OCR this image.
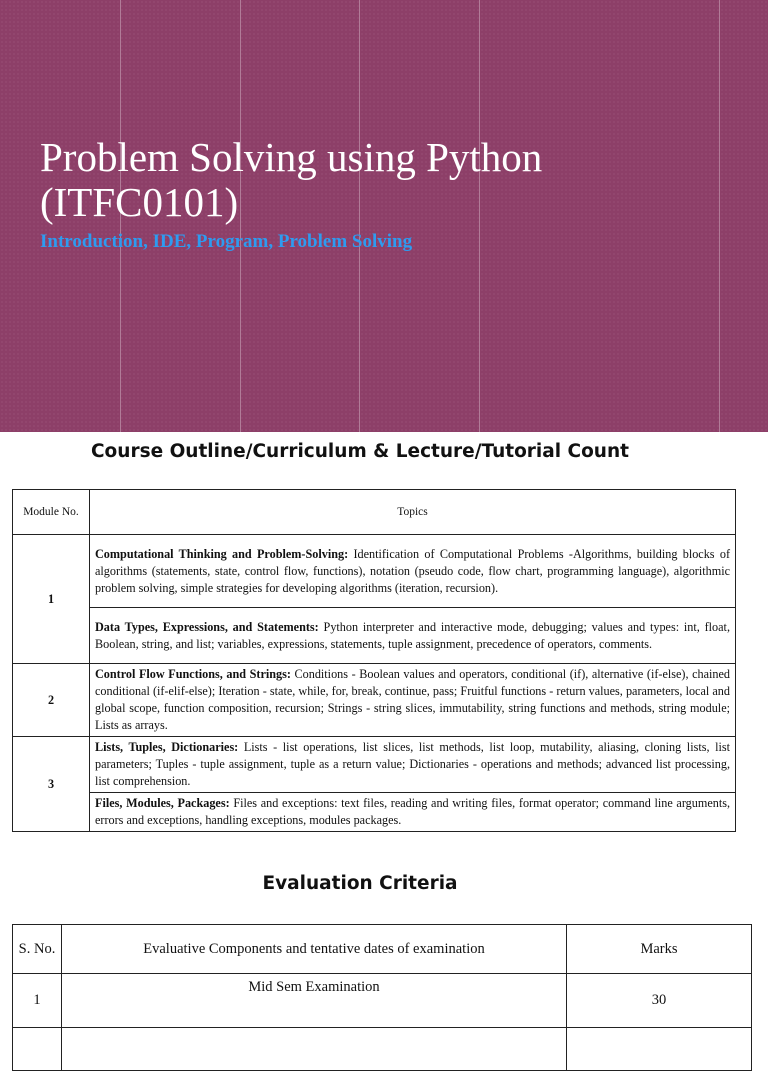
Problem Solving using Python
(ITFC0101)
Introduction, IDE, Program, Problem Solving
Course Outline/Curriculum & Lecture/Tutorial Count
Module No.	Topics
1	Computational Thinking and Problem-Solving: Identification of Computational Problems -Algorithms, building blocks of algorithms (statements, state, control flow, functions), notation (pseudo code, flow chart, programming language), algorithmic problem solving, simple strategies for developing algorithms (iteration, recursion).
	Data Types, Expressions, and Statements: Python interpreter and interactive mode, debugging; values and types: int, float, Boolean, string, and list; variables, expressions, statements, tuple assignment, precedence of operators, comments.
2	Control Flow Functions, and Strings: Conditions - Boolean values and operators, conditional (if), alternative (if-else), chained conditional (if-elif-else); Iteration - state, while, for, break, continue, pass; Fruitful functions - return values, parameters, local and global scope, function composition, recursion; Strings - string slices, immutability, string functions and methods, string module; Lists as arrays.
3	Lists, Tuples, Dictionaries: Lists - list operations, list slices, list methods, list loop, mutability, aliasing, cloning lists, list parameters; Tuples - tuple assignment, tuple as a return value; Dictionaries - operations and methods; advanced list processing, list comprehension.
	Files, Modules, Packages: Files and exceptions: text files, reading and writing files, format operator; command line arguments, errors and exceptions, handling exceptions, modules packages.
Evaluation Criteria
S. No.	Evaluative Components and tentative dates of examination	Marks
1	Mid Sem Examination	30
